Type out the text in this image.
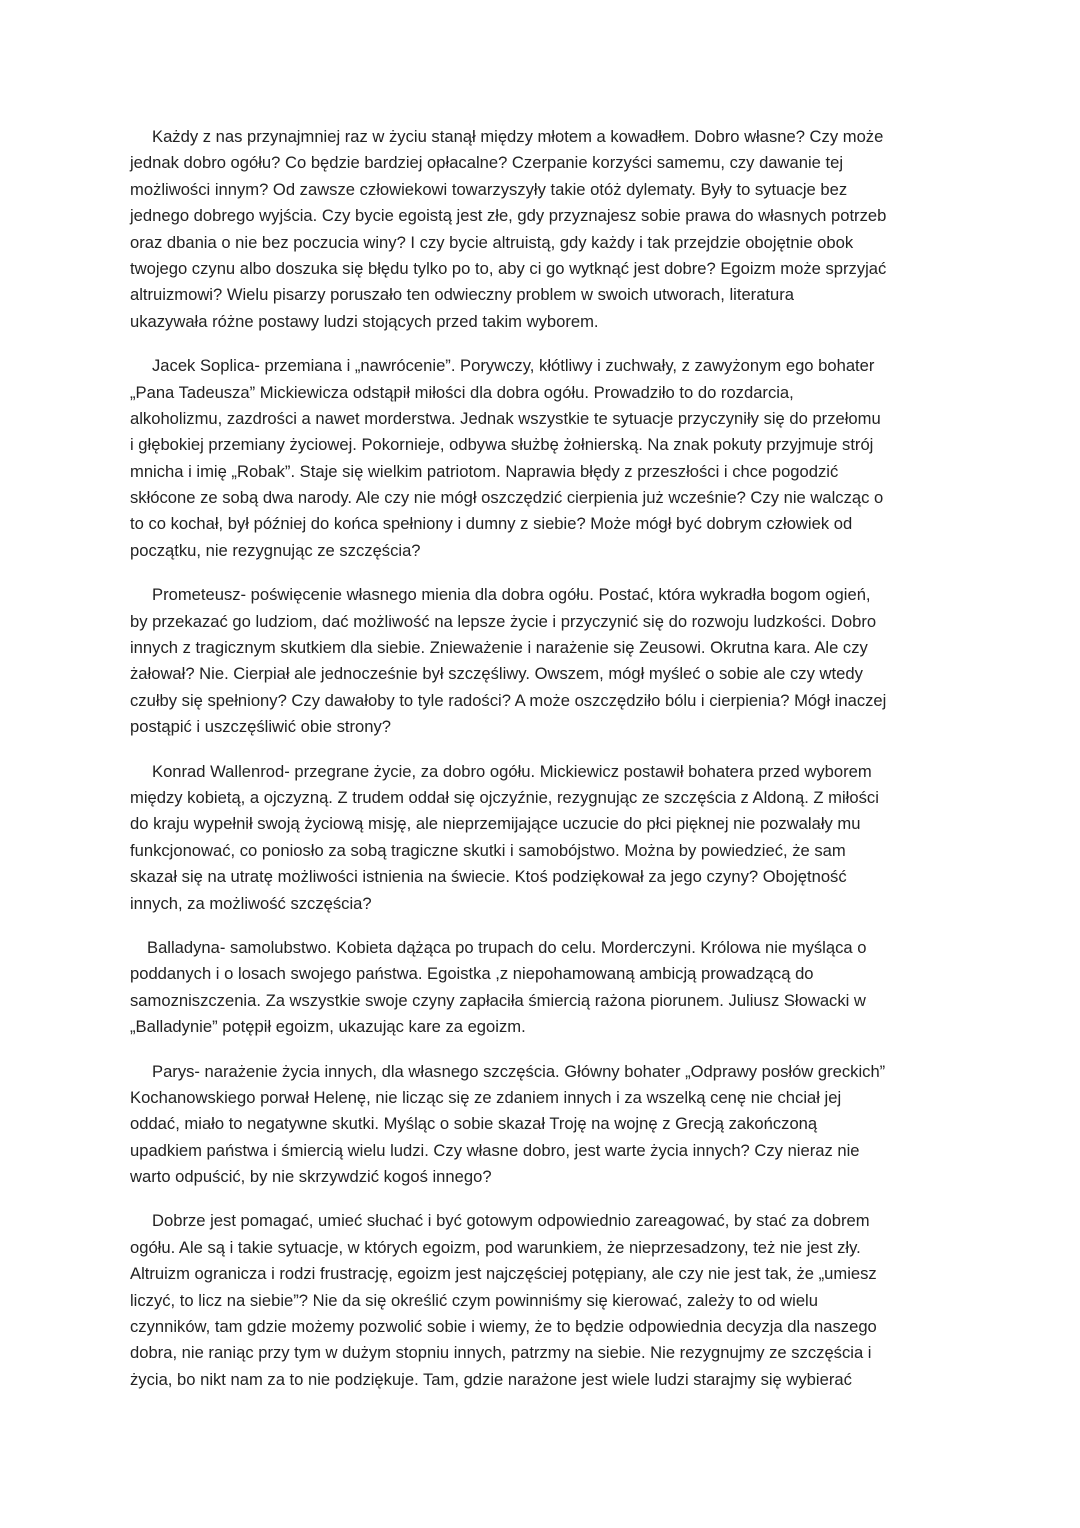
Każdy z nas przynajmniej raz w życiu stanął między młotem a kowadłem. Dobro własne? Czy może
jednak dobro ogółu? Co będzie bardziej opłacalne? Czerpanie korzyści samemu, czy dawanie tej
możliwości innym? Od zawsze człowiekowi towarzyszyły takie otóż dylematy. Były to sytuacje bez
jednego dobrego wyjścia. Czy bycie egoistą jest złe, gdy przyznajesz sobie prawa do własnych potrzeb
oraz dbania o nie bez poczucia winy? I czy bycie altruistą, gdy każdy i tak przejdzie obojętnie obok
twojego czynu albo doszuka się błędu tylko po to, aby ci go wytknąć jest dobre? Egoizm może sprzyjać
altruizmowi? Wielu pisarzy poruszało ten odwieczny problem w swoich utworach, literatura
ukazywała różne postawy ludzi stojących przed takim wyborem.
Jacek Soplica- przemiana i „nawrócenie”. Porywczy, kłótliwy i zuchwały, z zawyżonym ego bohater
„Pana Tadeusza” Mickiewicza odstąpił miłości dla dobra ogółu. Prowadziło to do rozdarcia,
alkoholizmu, zazdrości a nawet morderstwa. Jednak wszystkie te sytuacje przyczyniły się do przełomu
i głębokiej przemiany życiowej. Pokornieje, odbywa służbę żołnierską. Na znak pokuty przyjmuje strój
mnicha i imię „Robak”. Staje się wielkim patriotom. Naprawia błędy z przeszłości i chce pogodzić
skłócone ze sobą dwa narody. Ale czy nie mógł oszczędzić cierpienia już wcześnie? Czy nie walcząc o
to co kochał, był później do końca spełniony i dumny z siebie? Może mógł być dobrym człowiek od
początku, nie rezygnując ze szczęścia?
Prometeusz- poświęcenie własnego mienia dla dobra ogółu. Postać, która wykradła bogom ogień,
by przekazać go ludziom, dać możliwość na lepsze życie i przyczynić się do rozwoju ludzkości. Dobro
innych z tragicznym skutkiem dla siebie. Znieważenie i narażenie się Zeusowi. Okrutna kara. Ale czy
żałował? Nie. Cierpiał ale jednocześnie był szczęśliwy. Owszem, mógł myśleć o sobie ale czy wtedy
czułby się spełniony? Czy dawałoby to tyle radości? A może oszczędziło bólu i cierpienia? Mógł inaczej
postąpić i uszczęśliwić obie strony?
Konrad Wallenrod- przegrane życie, za dobro ogółu. Mickiewicz postawił bohatera przed wyborem
między kobietą, a ojczyzną. Z trudem oddał się ojczyźnie, rezygnując ze szczęścia z Aldoną. Z miłości
do kraju wypełnił swoją życiową misję, ale nieprzemijające uczucie do płci pięknej nie pozwalały mu
funkcjonować, co poniosło za sobą tragiczne skutki i samobójstwo. Można by powiedzieć, że sam
skazał się na utratę możliwości istnienia na świecie. Ktoś podziękował za jego czyny? Obojętność
innych, za możliwość szczęścia?
Balladyna- samolubstwo. Kobieta dążąca po trupach do celu. Morderczyni. Królowa nie myśląca o
poddanych i o losach swojego państwa. Egoistka ,z niepohamowaną ambicją prowadzącą do
samozniszczenia. Za wszystkie swoje czyny zapłaciła śmiercią rażona piorunem. Juliusz Słowacki w
„Balladynie” potępił egoizm, ukazując kare za egoizm.
Parys- narażenie życia innych, dla własnego szczęścia. Główny bohater „Odprawy posłów greckich”
Kochanowskiego porwał Helenę, nie licząc się ze zdaniem innych i za wszelką cenę nie chciał jej
oddać, miało to negatywne skutki. Myśląc o sobie skazał Troję na wojnę z Grecją zakończoną
upadkiem państwa i śmiercią wielu ludzi. Czy własne dobro, jest warte życia innych? Czy nieraz nie
warto odpuścić, by nie skrzywdzić kogoś innego?
Dobrze jest pomagać, umieć słuchać i być gotowym odpowiednio zareagować, by stać za dobrem
ogółu. Ale są i takie sytuacje, w których egoizm, pod warunkiem, że nieprzesadzony, też nie jest zły.
Altruizm ogranicza i rodzi frustrację, egoizm jest najczęściej potępiany, ale czy nie jest tak, że „umiesz
liczyć, to licz na siebie”? Nie da się określić czym powinniśmy się kierować, zależy to od wielu
czynników, tam gdzie możemy pozwolić sobie i wiemy, że to będzie odpowiednia decyzja dla naszego
dobra, nie raniąc przy tym w dużym stopniu innych, patrzmy na siebie. Nie rezygnujmy ze szczęścia i
życia, bo nikt nam za to nie podziękuje. Tam, gdzie narażone jest wiele ludzi starajmy się wybierać
